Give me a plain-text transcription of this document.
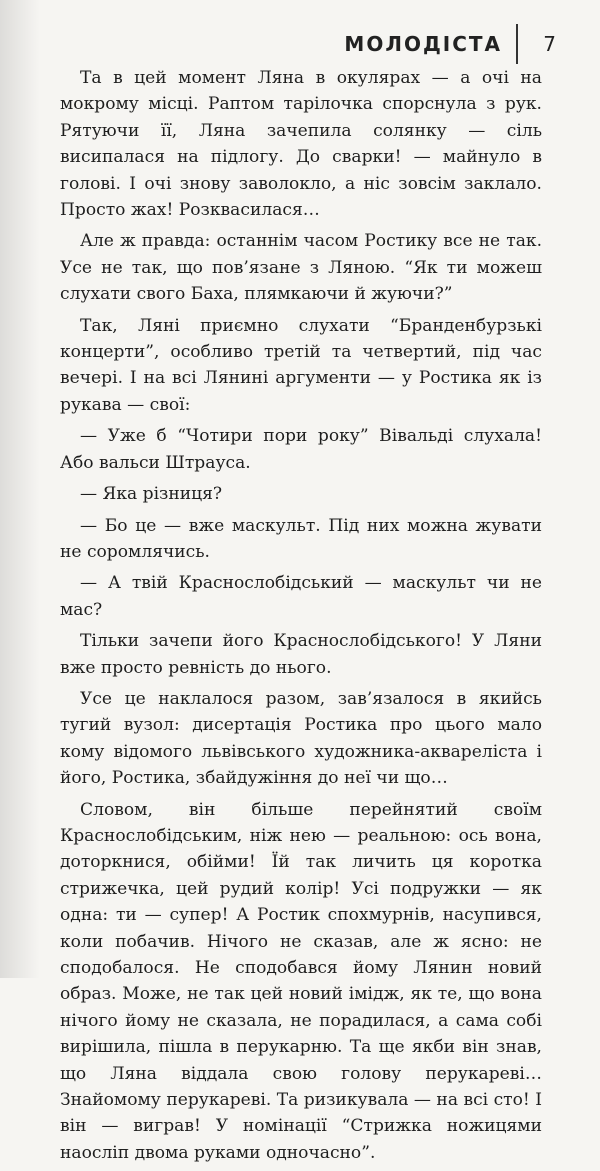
МОЛОДІСТА 7

Та в цей момент Ляна в окулярах — а очі на мокрому місці. Раптом тарілочка спорснула з рук. Рятуючи її, Ляна зачепила солянку — сіль висипалася на підлогу. До сварки! — майнуло в голові. І очі знову заволокло, а ніс зовсім заклало. Просто жах! Розквасилася…

Але ж правда: останнім часом Ростику все не так. Усе не так, що пов’язане з Ляною. “Як ти можеш слухати свого Баха, плямкаючи й жуючи?”

Так, Ляні приємно слухати “Бранденбурзькі концерти”, особливо третій та четвертий, під час вечері. І на всі Лянині аргументи — у Ростика як із рукава — свої:

— Уже б “Чотири пори року” Вівальді слухала! Або вальси Штрауса.

— Яка різниця?

— Бо це — вже маскульт. Під них можна жувати не соромлячись.

— А твій Краснослобідський — маскульт чи не мас?

Тільки зачепи його Краснослобідського! У Ляни вже просто ревність до нього.

Усе це наклалося разом, зав’язалося в якийсь тугий вузол: дисертація Ростика про цього мало кому відомого львівського художника-аквареліста і його, Ростика, збайдужіння до неї чи що…

Словом, він більше перейнятий своїм Краснослобідським, ніж нею — реальною: ось вона, доторкнися, обійми! Їй так личить ця коротка стрижечка, цей рудий колір! Усі подружки — як одна: ти — супер! А Ростик спохмурнів, насупився, коли побачив. Нічого не сказав, але ж ясно: не сподобалося. Не сподобався йому Лянин новий образ. Може, не так цей новий імідж, як те, що вона нічого йому не сказала, не порадилася, а сама собі вирішила, пішла в перукарню. Та ще якби він знав, що Ляна віддала свою голову перукареві… Знайомому перукареві. Та ризикувала — на всі сто! І він — виграв! У номінації “Стрижка ножицями наосліп двома руками одночасно”.
